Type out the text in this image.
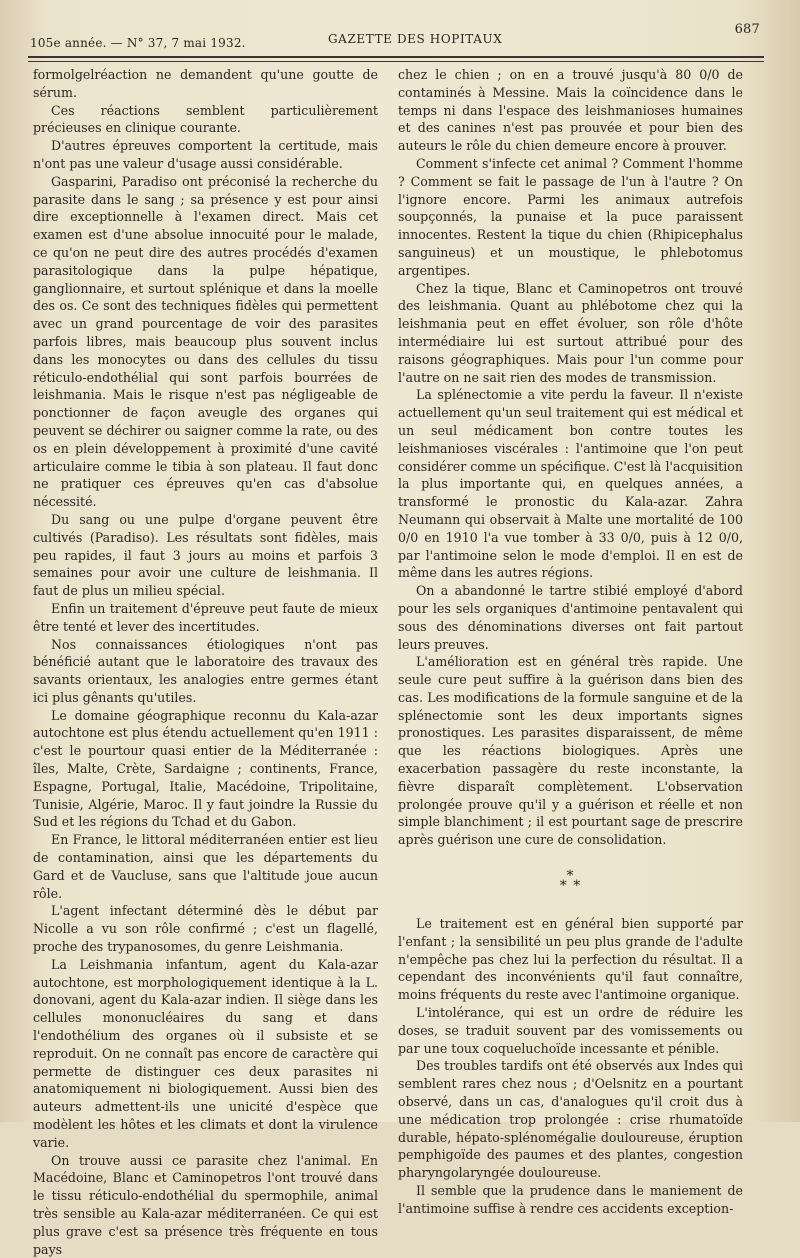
105e année. — N° 37, 7 mai 1932.	GAZETTE DES HOPITAUX
687

formolgelréaction ne demandent qu'une goutte de sérum.

Ces réactions semblent particulièrement précieuses en clinique courante.

D'autres épreuves comportent la certitude, mais n'ont pas une valeur d'usage aussi considérable.

Gasparini, Paradiso ont préconisé la recherche du parasite dans le sang ; sa présence y est pour ainsi dire exceptionnelle à l'examen direct. Mais cet examen est d'une absolue innocuité pour le malade, ce qu'on ne peut dire des autres procédés d'examen parasitologique dans la pulpe hépatique, ganglionnaire, et surtout splénique et dans la moelle des os. Ce sont des techniques fidèles qui permettent avec un grand pourcentage de voir des parasites parfois libres, mais beaucoup plus souvent inclus dans les monocytes ou dans des cellules du tissu réticulo-endothélial qui sont parfois bourrées de leishmania. Mais le risque n'est pas négligeable de ponctionner de façon aveugle des organes qui peuvent se déchirer ou saigner comme la rate, ou des os en plein développement à proximité d'une cavité articulaire comme le tibia à son plateau. Il faut donc ne pratiquer ces épreuves qu'en cas d'absolue nécessité.

Du sang ou une pulpe d'organe peuvent être cultivés (Paradiso). Les résultats sont fidèles, mais peu rapides, il faut 3 jours au moins et parfois 3 semaines pour avoir une culture de leishmania. Il faut de plus un milieu spécial.

Enfin un traitement d'épreuve peut faute de mieux être tenté et lever des incertitudes.

Nos connaissances étiologiques n'ont pas bénéficié autant que le laboratoire des travaux des savants orientaux, les analogies entre germes étant ici plus gênants qu'utiles.

Le domaine géographique reconnu du Kala-azar autochtone est plus étendu actuellement qu'en 1911 : c'est le pourtour quasi entier de la Méditerranée : îles, Malte, Crète, Sardaigne ; continents, France, Espagne, Portugal, Italie, Macédoine, Tripolitaine, Tunisie, Algérie, Maroc. Il y faut joindre la Russie du Sud et les régions du Tchad et du Gabon.

En France, le littoral méditerranéen entier est lieu de contamination, ainsi que les départements du Gard et de Vaucluse, sans que l'altitude joue aucun rôle.

L'agent infectant déterminé dès le début par Nicolle a vu son rôle confirmé ; c'est un flagellé, proche des trypanosomes, du genre Leishmania.

La Leishmania infantum, agent du Kala-azar autochtone, est morphologiquement identique à la L. donovani, agent du Kala-azar indien. Il siège dans les cellules mononucléaires du sang et dans l'endothélium des organes où il subsiste et se reproduit. On ne connaît pas encore de caractère qui permette de distinguer ces deux parasites ni anatomiquement ni biologiquement. Aussi bien des auteurs admettent-ils une unicité d'espèce que modèlent les hôtes et les climats et dont la virulence varie.

On trouve aussi ce parasite chez l'animal. En Macédoine, Blanc et Caminopetros l'ont trouvé dans le tissu réticulo-endothélial du spermophile, animal très sensible au Kala-azar méditerranéen. Ce qui est plus grave c'est sa présence très fréquente en tous pays

chez le chien ; on en a trouvé jusqu'à 80 0/0 de contaminés à Messine. Mais la coïncidence dans le temps ni dans l'espace des leishmanioses humaines et des canines n'est pas prouvée et pour bien des auteurs le rôle du chien demeure encore à prouver.

Comment s'infecte cet animal ? Comment l'homme ? Comment se fait le passage de l'un à l'autre ? On l'ignore encore. Parmi les animaux autrefois soupçonnés, la punaise et la puce paraissent innocentes. Restent la tique du chien (Rhipicephalus sanguineus) et un moustique, le phlebotomus argentipes.

Chez la tique, Blanc et Caminopetros ont trouvé des leishmania. Quant au phlébotome chez qui la leishmania peut en effet évoluer, son rôle d'hôte intermédiaire lui est surtout attribué pour des raisons géographiques. Mais pour l'un comme pour l'autre on ne sait rien des modes de transmission.

La splénectomie a vite perdu la faveur. Il n'existe actuellement qu'un seul traitement qui est médical et un seul médicament bon contre toutes les leishmanioses viscérales : l'antimoine que l'on peut considérer comme un spécifique. C'est là l'acquisition la plus importante qui, en quelques années, a transformé le pronostic du Kala-azar. Zahra Neumann qui observait à Malte une mortalité de 100 0/0 en 1910 l'a vue tomber à 33 0/0, puis à 12 0/0, par l'antimoine selon le mode d'emploi. Il en est de même dans les autres régions.

On a abandonné le tartre stibié employé d'abord pour les sels organiques d'antimoine pentavalent qui sous des dénominations diverses ont fait partout leurs preuves.

L'amélioration est en général très rapide. Une seule cure peut suffire à la guérison dans bien des cas. Les modifications de la formule sanguine et de la splénectomie sont les deux importants signes pronostiques. Les parasites disparaissent, de même que les réactions biologiques. Après une exacerbation passagère du reste inconstante, la fièvre disparaît complètement. L'observation prolongée prouve qu'il y a guérison et réelle et non simple blanchiment ; il est pourtant sage de prescrire après guérison une cure de consolidation.

*
* *

Le traitement est en général bien supporté par l'enfant ; la sensibilité un peu plus grande de l'adulte n'empêche pas chez lui la perfection du résultat. Il a cependant des inconvénients qu'il faut connaître, moins fréquents du reste avec l'antimoine organique.

L'intolérance, qui est un ordre de réduire les doses, se traduit souvent par des vomissements ou par une toux coqueluchoïde incessante et pénible.

Des troubles tardifs ont été observés aux Indes qui semblent rares chez nous ; d'Oelsnitz en a pourtant observé, dans un cas, d'analogues qu'il croit dus à une médication trop prolongée : crise rhumatoïde durable, hépato-splénomégalie douloureuse, éruption pemphigoïde des paumes et des plantes, congestion pharyngolaryngée douloureuse.

Il semble que la prudence dans le maniement de l'antimoine suffise à rendre ces accidents exception-
